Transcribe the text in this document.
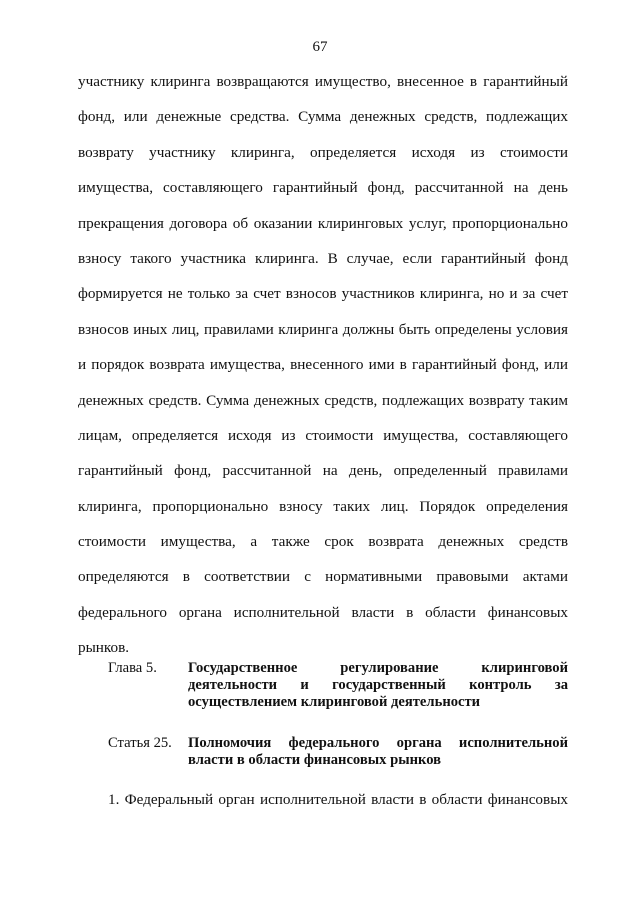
67
участнику клиринга возвращаются имущество, внесенное в гарантийный
фонд, или денежные средства. Сумма денежных средств, подлежащих
возврату участнику клиринга, определяется исходя из стоимости
имущества, составляющего гарантийный фонд, рассчитанной на день
прекращения договора об оказании клиринговых услуг, пропорционально
взносу такого участника клиринга. В случае, если гарантийный фонд
формируется не только за счет взносов участников клиринга, но и за счет
взносов иных лиц, правилами клиринга должны быть определены условия
и порядок возврата имущества, внесенного ими в гарантийный фонд, или
денежных средств. Сумма денежных средств, подлежащих возврату таким
лицам, определяется исходя из стоимости имущества, составляющего
гарантийный фонд, рассчитанной на день, определенный правилами
клиринга, пропорционально взносу таких лиц. Порядок определения
стоимости имущества, а также срок возврата денежных средств
определяются в соответствии с нормативными правовыми актами
федерального органа исполнительной власти в области финансовых
рынков.
Глава 5.	Государственное регулирование клиринговой
деятельности и государственный контроль за
осуществлением клиринговой деятельности
Статья 25.	Полномочия федерального органа исполнительной
власти в области финансовых рынков
1. Федеральный орган исполнительной власти в области финансовых
